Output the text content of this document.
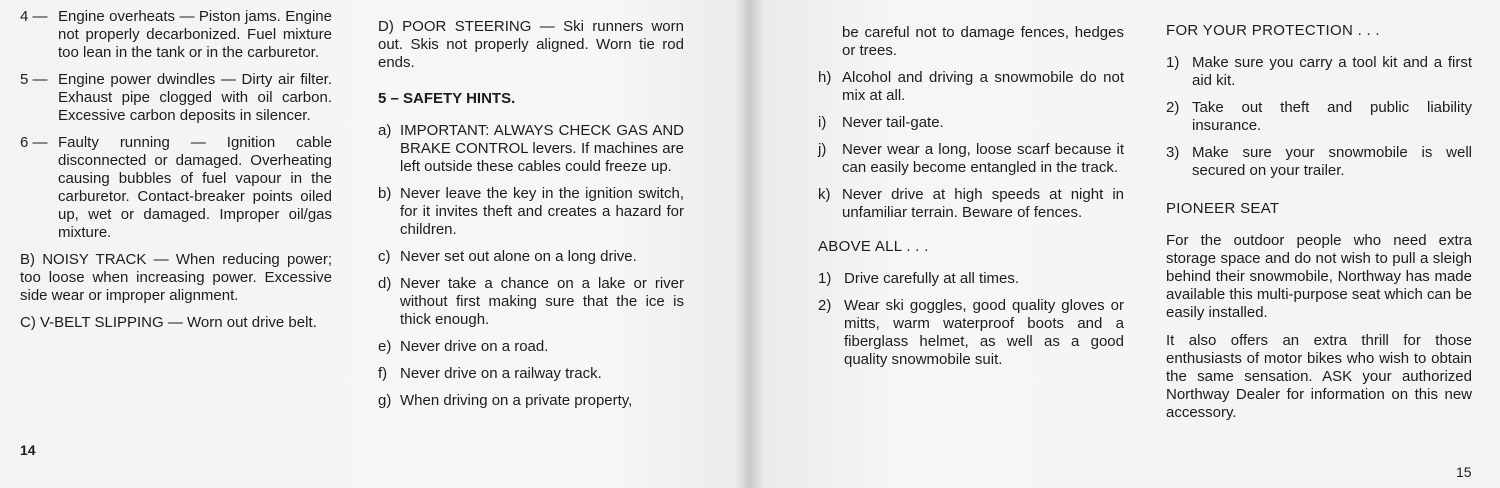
4 — Engine overheats — Piston jams. Engine not properly decarbonized. Fuel mixture too lean in the tank or in the carburetor.
5 — Engine power dwindles — Dirty air filter. Exhaust pipe clogged with oil carbon. Excessive carbon deposits in silencer.
6 — Faulty running — Ignition cable disconnected or damaged. Overheating causing bubbles of fuel vapour in the carburetor. Contact-breaker points oiled up, wet or damaged. Improper oil/gas mixture.
B) NOISY TRACK — When reducing power; too loose when increasing power. Excessive side wear or improper alignment.
C) V-BELT SLIPPING — Worn out drive belt.
14
D) POOR STEERING — Ski runners worn out. Skis not properly aligned. Worn tie rod ends.
5 – SAFETY HINTS.
a) IMPORTANT: ALWAYS CHECK GAS AND BRAKE CONTROL levers. If machines are left outside these cables could freeze up.
b) Never leave the key in the ignition switch, for it invites theft and creates a hazard for children.
c) Never set out alone on a long drive.
d) Never take a chance on a lake or river without first making sure that the ice is thick enough.
e) Never drive on a road.
f) Never drive on a railway track.
g) When driving on a private property,
be careful not to damage fences, hedges or trees.
h) Alcohol and driving a snowmobile do not mix at all.
i)	Never tail-gate.
j)	Never wear a long, loose scarf because it can easily become entangled in the track.
k) Never drive at high speeds at night in unfamiliar terrain. Beware of fences.
ABOVE ALL . . .
1) Drive carefully at all times.
2) Wear ski goggles, good quality gloves or mitts, warm waterproof boots and a fiberglass helmet, as well as a good quality snowmobile suit.
FOR YOUR PROTECTION . . .
1) Make sure you carry a tool kit and a first aid kit.
2) Take out theft and public liability insurance.
3) Make sure your snowmobile is well secured on your trailer.
PIONEER SEAT
For the outdoor people who need extra storage space and do not wish to pull a sleigh behind their snowmobile, Northway has made available this multi-purpose seat which can be easily installed.
It also offers an extra thrill for those enthusiasts of motor bikes who wish to obtain the same sensation. ASK your authorized Northway Dealer for information on this new accessory.
15
